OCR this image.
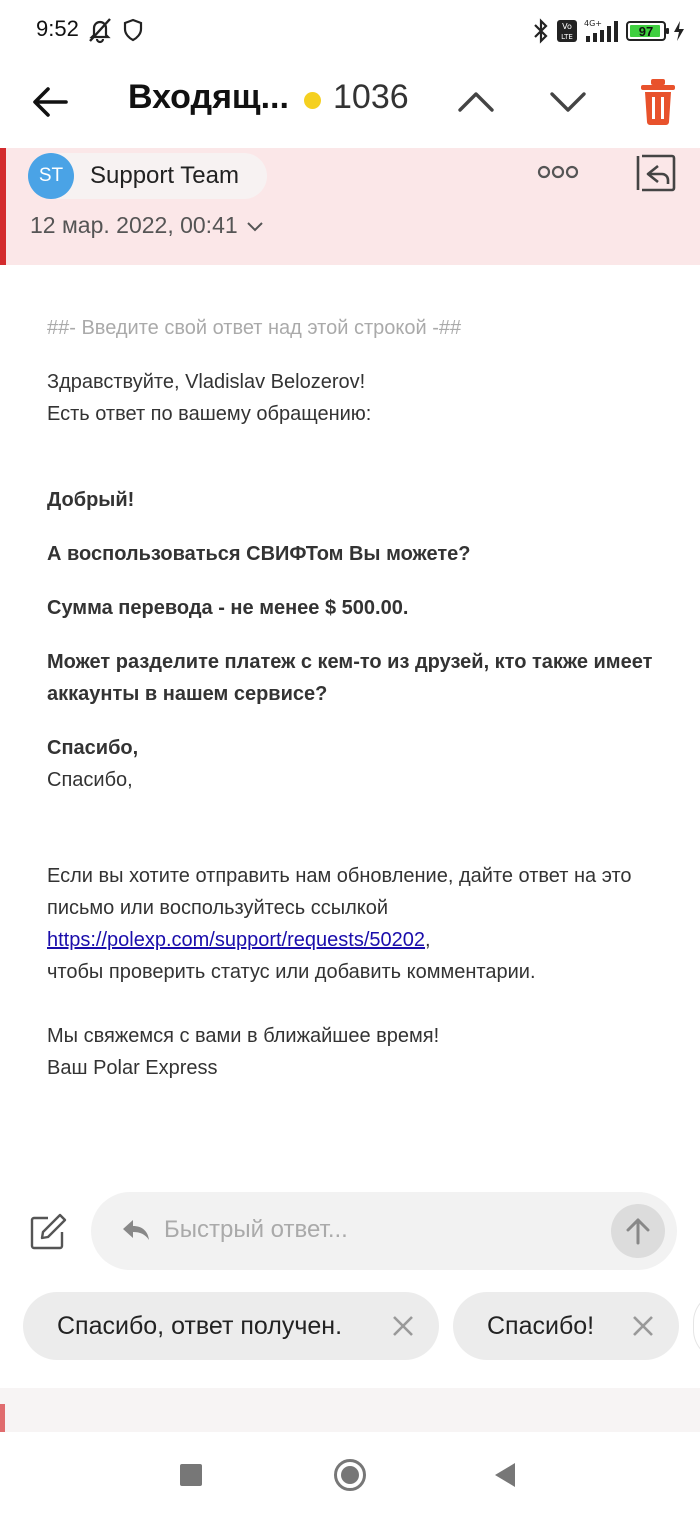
9:52	Vo
LTE
4G+	97
Входящ... 1036
ST	Support Team
12 мар. 2022, 00:41

##- Введите свой ответ над этой строкой -##

Здравствуйте, Vladislav Belozerov!

Есть ответ по вашему обращению:

Добрый!

А воспользоваться СВИФТом Вы можете?

Сумма перевода - не менее $ 500.00.

Может разделите платеж с кем-то из друзей, кто также имеет аккаунты в нашем сервисе?

Спасибо,

Спасибо,

Если вы хотите отправить нам обновление, дайте ответ на это письмо или воспользуйтесь ссылкой
https://polexp.com/support/requests/50202,
чтобы проверить статус или добавить комментарии.

Мы свяжемся с вами в ближайшее время!

Ваш Polar Express

Быстрый ответ...
Спасибо, ответ получен.	Спасибо!
